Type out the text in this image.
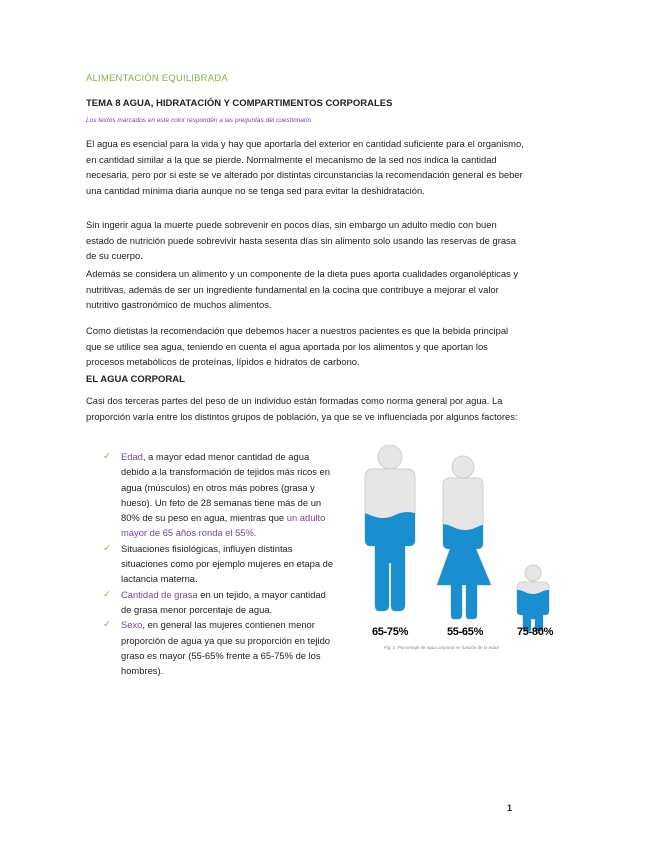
ALIMENTACIÓN EQUILIBRADA
TEMA 8 AGUA, HIDRATACIÓN Y COMPARTIMENTOS CORPORALES
Los textos marcados en este color responden a las preguntas del cuestionario
El agua es esencial para la vida y hay que aportarla del exterior en cantidad suficiente para el organismo, en cantidad similar a la que se pierde. Normalmente el mecanismo de la sed nos indica la cantidad necesaria, pero por si este se ve alterado por distintas circunstancias la recomendación general es beber una cantidad mínima diaria aunque no se tenga sed para evitar la deshidratación.
Sin ingerir agua la muerte puede sobrevenir en pocos días, sin embargo un adulto medio con buen estado de nutrición puede sobrevivir hasta sesenta días sin alimento solo usando las reservas de grasa de su cuerpo.
Además se considera un alimento y un componente de la dieta pues aporta cualidades organolépticas y nutritivas, además de ser un ingrediente fundamental en la cocina que contribuye a mejorar el valor nutritivo gastronómico de muchos alimentos.
Como dietistas la recomendación que debemos hacer a nuestros pacientes es que la bebida principal que se utilice sea agua, teniendo en cuenta el agua aportada por los alimentos y que aportan los procesos metabólicos de proteínas, lípidos e hidratos de carbono.
EL AGUA CORPORAL
Casi dos terceras partes del peso de un individuo están formadas como norma general por agua. La proporción varía entre los distintos grupos de población, ya que se ve influenciada por algunos factores:
✓ Edad, a mayor edad menor cantidad de agua debido a la transformación de tejidos más ricos en agua (músculos) en otros más pobres (grasa y hueso). Un feto de 28 semanas tiene más de un 80% de su peso en agua, mientras que un adulto mayor de 65 años ronda el 55%.
✓ Situaciones fisiológicas, influyen distintas situaciones como por ejemplo mujeres en etapa de lactancia materna.
✓ Cantidad de grasa en un tejido, a mayor cantidad de grasa menor porcentaje de agua.
✓ Sexo, en general las mujeres contienen menor proporción de agua ya que su proporción en tejido graso es mayor (55-65% frente a 65-75% de los hombres).
65-75%	55-65%	75-80%
Fig. 2. Porcentaje de agua corporal en función de la edad
1
